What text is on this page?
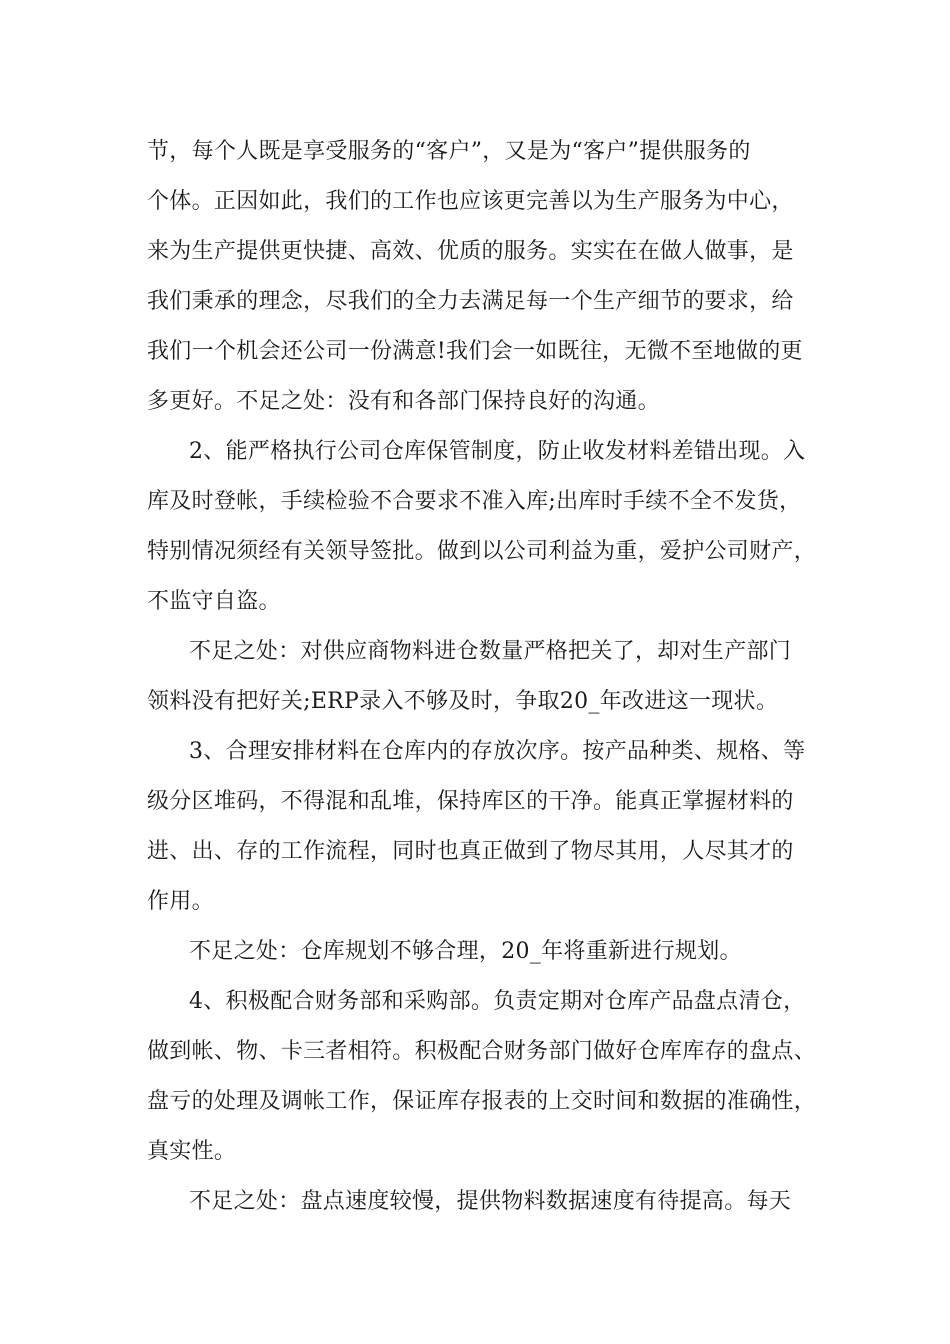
节，每个人既是享受服务的“客户”，又是为“客户”提供服务的

个体。正因如此，我们的工作也应该更完善以为生产服务为中心，

来为生产提供更快捷、高效、优质的服务。实实在在做人做事，是

我们秉承的理念，尽我们的全力去满足每一个生产细节的要求，给

我们一个机会还公司一份满意!我们会一如既往，无微不至地做的更

多更好。不足之处：没有和各部门保持良好的沟通。

2、能严格执行公司仓库保管制度，防止收发材料差错出现。入

库及时登帐，手续检验不合要求不准入库;出库时手续不全不发货，

特别情况须经有关领导签批。做到以公司利益为重，爱护公司财产，

不监守自盗。

不足之处：对供应商物料进仓数量严格把关了，却对生产部门

领料没有把好关;ERP录入不够及时，争取20_年改进这一现状。

3、合理安排材料在仓库内的存放次序。按产品种类、规格、等

级分区堆码，不得混和乱堆，保持库区的干净。能真正掌握材料的

进、出、存的工作流程，同时也真正做到了物尽其用，人尽其才的

作用。

不足之处：仓库规划不够合理，20_年将重新进行规划。

4、积极配合财务部和采购部。负责定期对仓库产品盘点清仓，

做到帐、物、卡三者相符。积极配合财务部门做好仓库库存的盘点、

盘亏的处理及调帐工作，保证库存报表的上交时间和数据的准确性，

真实性。

不足之处：盘点速度较慢，提供物料数据速度有待提高。每天
